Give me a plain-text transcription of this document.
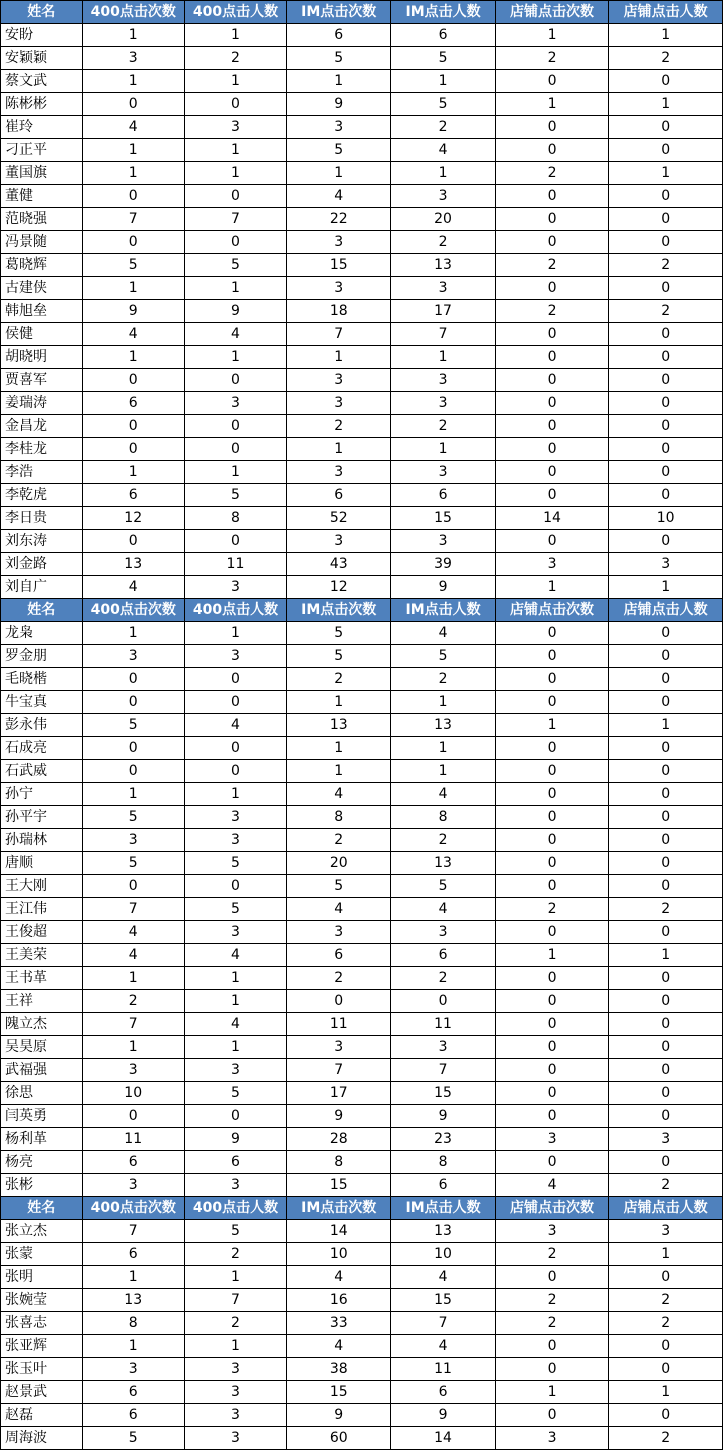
姓名	400点击次数	400点击人数	IM点击次数	IM点击人数	店铺点击次数	店铺点击人数
安盼	1	1	6	6	1	1
安颖颖	3	2	5	5	2	2
蔡文武	1	1	1	1	0	0
陈彬彬	0	0	9	5	1	1
崔玲	4	3	3	2	0	0
刁正平	1	1	5	4	0	0
董国旗	1	1	1	1	2	1
董健	0	0	4	3	0	0
范晓强	7	7	22	20	0	0
冯景随	0	0	3	2	0	0
葛晓辉	5	5	15	13	2	2
古建侠	1	1	3	3	0	0
韩旭垒	9	9	18	17	2	2
侯健	4	4	7	7	0	0
胡晓明	1	1	1	1	0	0
贾喜军	0	0	3	3	0	0
姜瑞涛	6	3	3	3	0	0
金昌龙	0	0	2	2	0	0
李桂龙	0	0	1	1	0	0
李浩	1	1	3	3	0	0
李乾虎	6	5	6	6	0	0
李日贵	12	8	52	15	14	10
刘东涛	0	0	3	3	0	0
刘金路	13	11	43	39	3	3
刘自广	4	3	12	9	1	1
姓名	400点击次数	400点击人数	IM点击次数	IM点击人数	店铺点击次数	店铺点击人数
龙枭	1	1	5	4	0	0
罗金朋	3	3	5	5	0	0
毛晓楷	0	0	2	2	0	0
牛宝真	0	0	1	1	0	0
彭永伟	5	4	13	13	1	1
石成亮	0	0	1	1	0	0
石武威	0	0	1	1	0	0
孙宁	1	1	4	4	0	0
孙平宇	5	3	8	8	0	0
孙瑞林	3	3	2	2	0	0
唐顺	5	5	20	13	0	0
王大刚	0	0	5	5	0	0
王江伟	7	5	4	4	2	2
王俊超	4	3	3	3	0	0
王美荣	4	4	6	6	1	1
王书革	1	1	2	2	0	0
王祥	2	1	0	0	0	0
隗立杰	7	4	11	11	0	0
吴昊原	1	1	3	3	0	0
武福强	3	3	7	7	0	0
徐思	10	5	17	15	0	0
闫英勇	0	0	9	9	0	0
杨利革	11	9	28	23	3	3
杨亮	6	6	8	8	0	0
张彬	3	3	15	6	4	2
姓名	400点击次数	400点击人数	IM点击次数	IM点击人数	店铺点击次数	店铺点击人数
张立杰	7	5	14	13	3	3
张蒙	6	2	10	10	2	1
张明	1	1	4	4	0	0
张婉莹	13	7	16	15	2	2
张喜志	8	2	33	7	2	2
张亚辉	1	1	4	4	0	0
张玉叶	3	3	38	11	0	0
赵景武	6	3	15	6	1	1
赵磊	6	3	9	9	0	0
周海波	5	3	60	14	3	2
